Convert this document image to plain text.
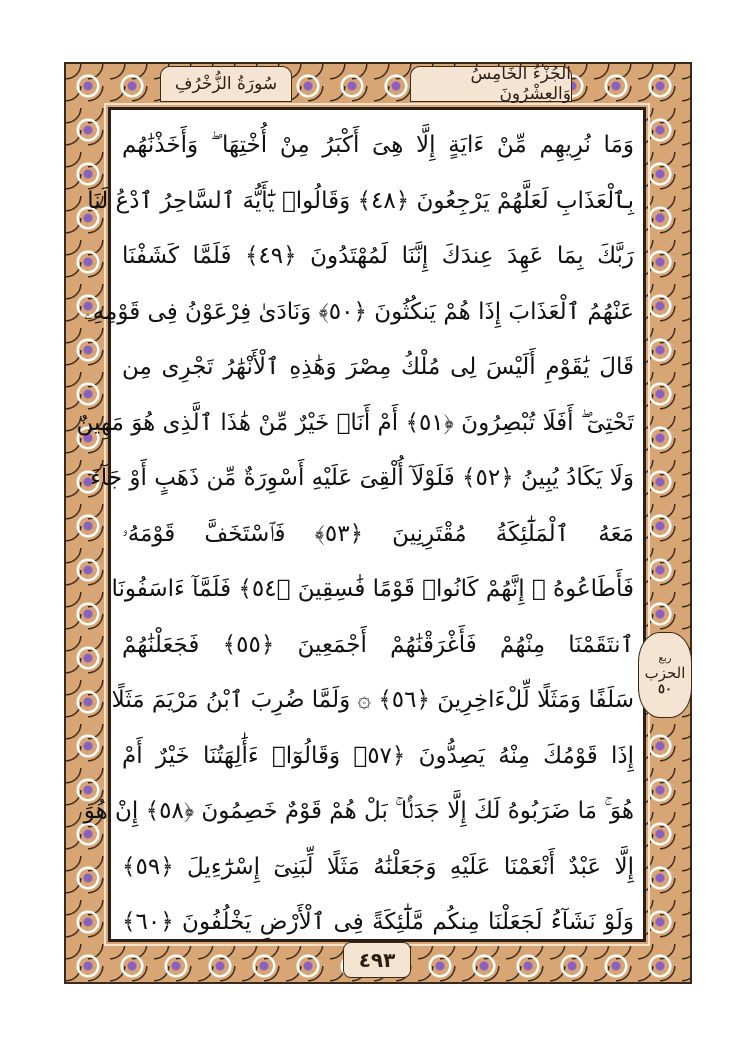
سُورَةُ الزُّخْرُفِ	الجُزْءُ الخَامِسُ وَالعِشْرُونَ
وَمَا نُرِيهِم مِّنْ ءَايَةٍ إِلَّا هِىَ أَكْبَرُ مِنْ أُخْتِهَا ۖ وَأَخَذْنَٰهُم
بِٱلْعَذَابِ لَعَلَّهُمْ يَرْجِعُونَ ﴿٤٨﴾ وَقَالُوا۟ يَٰٓأَيُّهَ ٱلسَّاحِرُ ٱدْعُ لَنَا
رَبَّكَ بِمَا عَهِدَ عِندَكَ إِنَّنَا لَمُهْتَدُونَ ﴿٤٩﴾ فَلَمَّا كَشَفْنَا
عَنْهُمُ ٱلْعَذَابَ إِذَا هُمْ يَنكُثُونَ ﴿٥٠﴾ وَنَادَىٰ فِرْعَوْنُ فِى قَوْمِهِۦ
قَالَ يَٰقَوْمِ أَلَيْسَ لِى مُلْكُ مِصْرَ وَهَٰذِهِ ٱلْأَنْهَٰرُ تَجْرِى مِن
تَحْتِىٓ ۖ أَفَلَا تُبْصِرُونَ ﴿٥١﴾ أَمْ أَنَا۠ خَيْرٌ مِّنْ هَٰذَا ٱلَّذِى هُوَ مَهِينٌ
وَلَا يَكَادُ يُبِينُ ﴿٥٢﴾ فَلَوْلَآ أُلْقِىَ عَلَيْهِ أَسْوِرَةٌ مِّن ذَهَبٍ أَوْ جَآءَ
مَعَهُ ٱلْمَلَٰٓئِكَةُ مُقْتَرِنِينَ ﴿٥٣﴾ فَٱسْتَخَفَّ قَوْمَهُۥ
فَأَطَاعُوهُ ۚ إِنَّهُمْ كَانُوا۟ قَوْمًا فَٰسِقِينَ ﴿٥٤﴾ فَلَمَّآ ءَاسَفُونَا
ٱنتَقَمْنَا مِنْهُمْ فَأَغْرَقْنَٰهُمْ أَجْمَعِينَ ﴿٥٥﴾ فَجَعَلْنَٰهُمْ
سَلَفًا وَمَثَلًا لِّلْءَاخِرِينَ ﴿٥٦﴾ ۞ وَلَمَّا ضُرِبَ ٱبْنُ مَرْيَمَ مَثَلًا
إِذَا قَوْمُكَ مِنْهُ يَصِدُّونَ ﴿٥٧﴾ وَقَالُوٓا۟ ءَأَٰلِهَتُنَا خَيْرٌ أَمْ
هُوَ ۚ مَا ضَرَبُوهُ لَكَ إِلَّا جَدَلًۢا ۚ بَلْ هُمْ قَوْمٌ خَصِمُونَ ﴿٥٨﴾ إِنْ هُوَ
إِلَّا عَبْدٌ أَنْعَمْنَا عَلَيْهِ وَجَعَلْنَٰهُ مَثَلًا لِّبَنِىٓ إِسْرَٰٓءِيلَ ﴿٥٩﴾
وَلَوْ نَشَآءُ لَجَعَلْنَا مِنكُم مَّلَٰٓئِكَةً فِى ٱلْأَرْضِ يَخْلُفُونَ ﴿٦٠﴾
ربع
الحزب
٥٠
٤٩٣
